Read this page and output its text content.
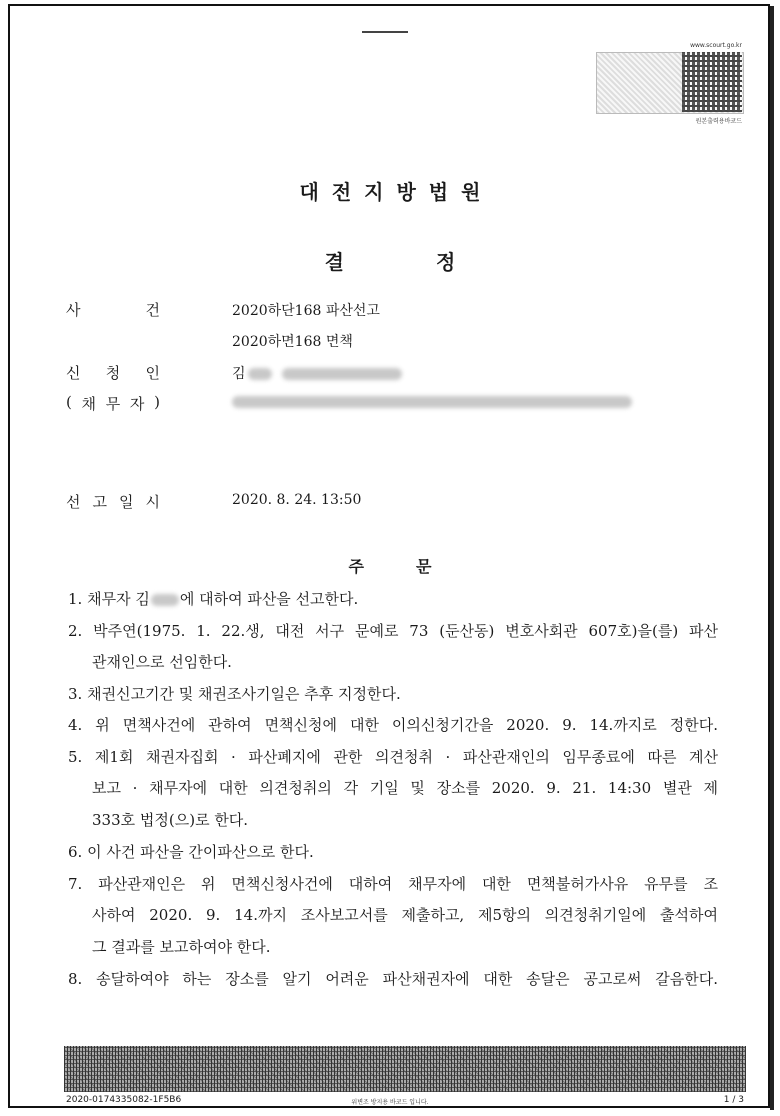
www.scourt.go.kr
원본출력용바코드
대전지방법원
결정
사	건	2020하단168 파산선고
2020하면168 면책
신 청 인	김
( 채 무 자 )
선 고 일 시	2020. 8. 24. 13:50
주문
1. 채무자 김 에 대하여 파산을 선고한다.
2. 박주연(1975. 1. 22.생, 대전 서구 문예로 73 (둔산동) 변호사회관 607호)을(를) 파산
관재인으로 선임한다.
3. 채권신고기간 및 채권조사기일은 추후 지정한다.
4. 위 면책사건에 관하여 면책신청에 대한 이의신청기간을 2020. 9. 14.까지로 정한다.
5. 제1회 채권자집회 · 파산폐지에 관한 의견청취 · 파산관재인의 임무종료에 따른 계산
보고 · 채무자에 대한 의견청취의 각 기일 및 장소를 2020. 9. 21. 14:30 별관 제
333호 법정(으)로 한다.
6. 이 사건 파산을 간이파산으로 한다.
7. 파산관재인은 위 면책신청사건에 대하여 채무자에 대한 면책불허가사유 유무를 조
사하여 2020. 9. 14.까지 조사보고서를 제출하고, 제5항의 의견청취기일에 출석하여
그 결과를 보고하여야 한다.
8. 송달하여야 하는 장소를 알기 어려운 파산채권자에 대한 송달은 공고로써 갈음한다.
2020-0174335082-1F5B6	위변조 방지용 바코드 입니다.	1 / 3
